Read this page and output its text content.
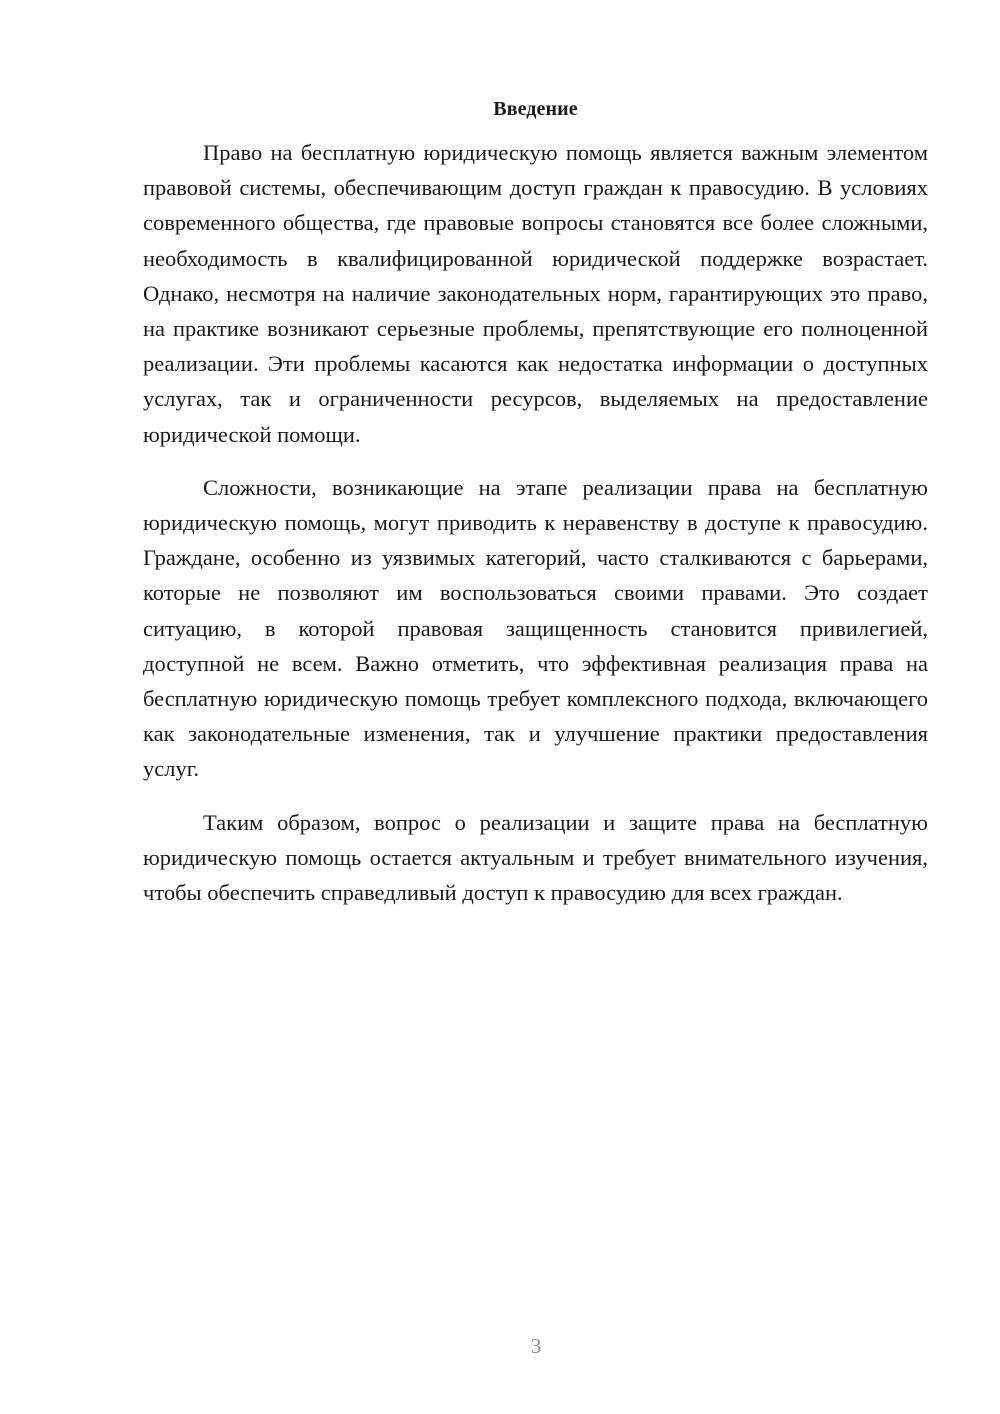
Введение

Право на бесплатную юридическую помощь является важным элементом правовой системы, обеспечивающим доступ граждан к правосудию. В условиях современного общества, где правовые вопросы становятся все более сложными, необходимость в квалифицированной юридической поддержке возрастает. Однако, несмотря на наличие законодательных норм, гарантирующих это право, на практике возникают серьезные проблемы, препятствующие его полноценной реализации. Эти проблемы касаются как недостатка информации о доступных услугах, так и ограниченности ресурсов, выделяемых на предоставление юридической помощи.

Сложности, возникающие на этапе реализации права на бесплатную юридическую помощь, могут приводить к неравенству в доступе к правосудию. Граждане, особенно из уязвимых категорий, часто сталкиваются с барьерами, которые не позволяют им воспользоваться своими правами. Это создает ситуацию, в которой правовая защищенность становится привилегией, доступной не всем. Важно отметить, что эффективная реализация права на бесплатную юридическую помощь требует комплексного подхода, включающего как законодательные изменения, так и улучшение практики предоставления услуг.

Таким образом, вопрос о реализации и защите права на бесплатную юридическую помощь остается актуальным и требует внимательного изучения, чтобы обеспечить справедливый доступ к правосудию для всех граждан.

3
